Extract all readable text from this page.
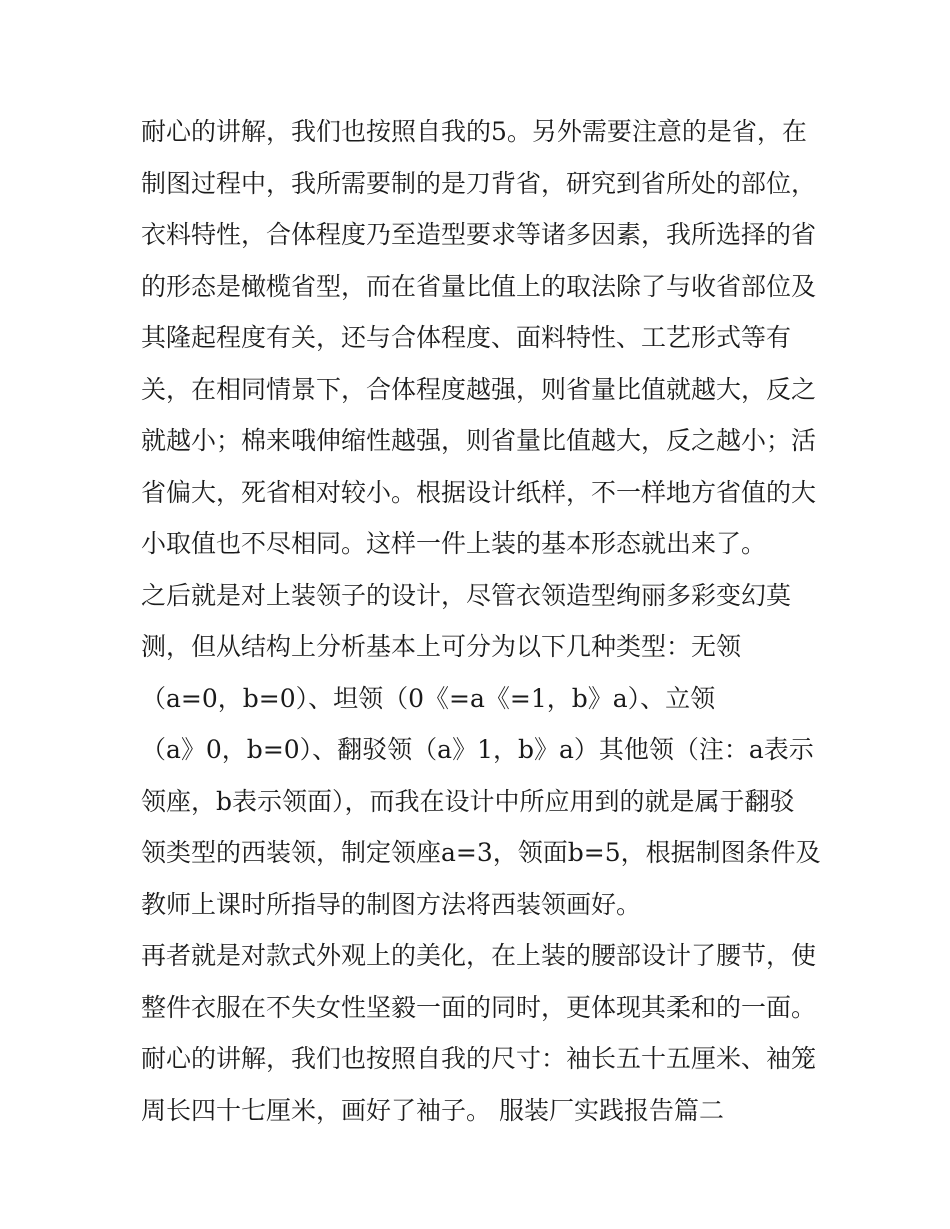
耐心的讲解，我们也按照自我的5。另外需要注意的是省，在
制图过程中，我所需要制的是刀背省，研究到省所处的部位，
衣料特性，合体程度乃至造型要求等诸多因素，我所选择的省
的形态是橄榄省型，而在省量比值上的取法除了与收省部位及
其隆起程度有关，还与合体程度、面料特性、工艺形式等有
关，在相同情景下，合体程度越强，则省量比值就越大，反之
就越小；棉来哦伸缩性越强，则省量比值越大，反之越小；活
省偏大，死省相对较小。根据设计纸样，不一样地方省值的大
小取值也不尽相同。这样一件上装的基本形态就出来了。
之后就是对上装领子的设计，尽管衣领造型绚丽多彩变幻莫
测，但从结构上分析基本上可分为以下几种类型：无领
（a=0，b=0）、坦领（0《=a《=1，b》a）、立领
（a》0，b=0）、翻驳领（a》1，b》a）其他领（注：a表示
领座，b表示领面），而我在设计中所应用到的就是属于翻驳
领类型的西装领，制定领座a=3，领面b=5，根据制图条件及
教师上课时所指导的制图方法将西装领画好。
再者就是对款式外观上的美化，在上装的腰部设计了腰节，使
整件衣服在不失女性坚毅一面的同时，更体现其柔和的一面。
耐心的讲解，我们也按照自我的尺寸：袖长五十五厘米、袖笼
周长四十七厘米，画好了袖子。 服装厂实践报告篇二
